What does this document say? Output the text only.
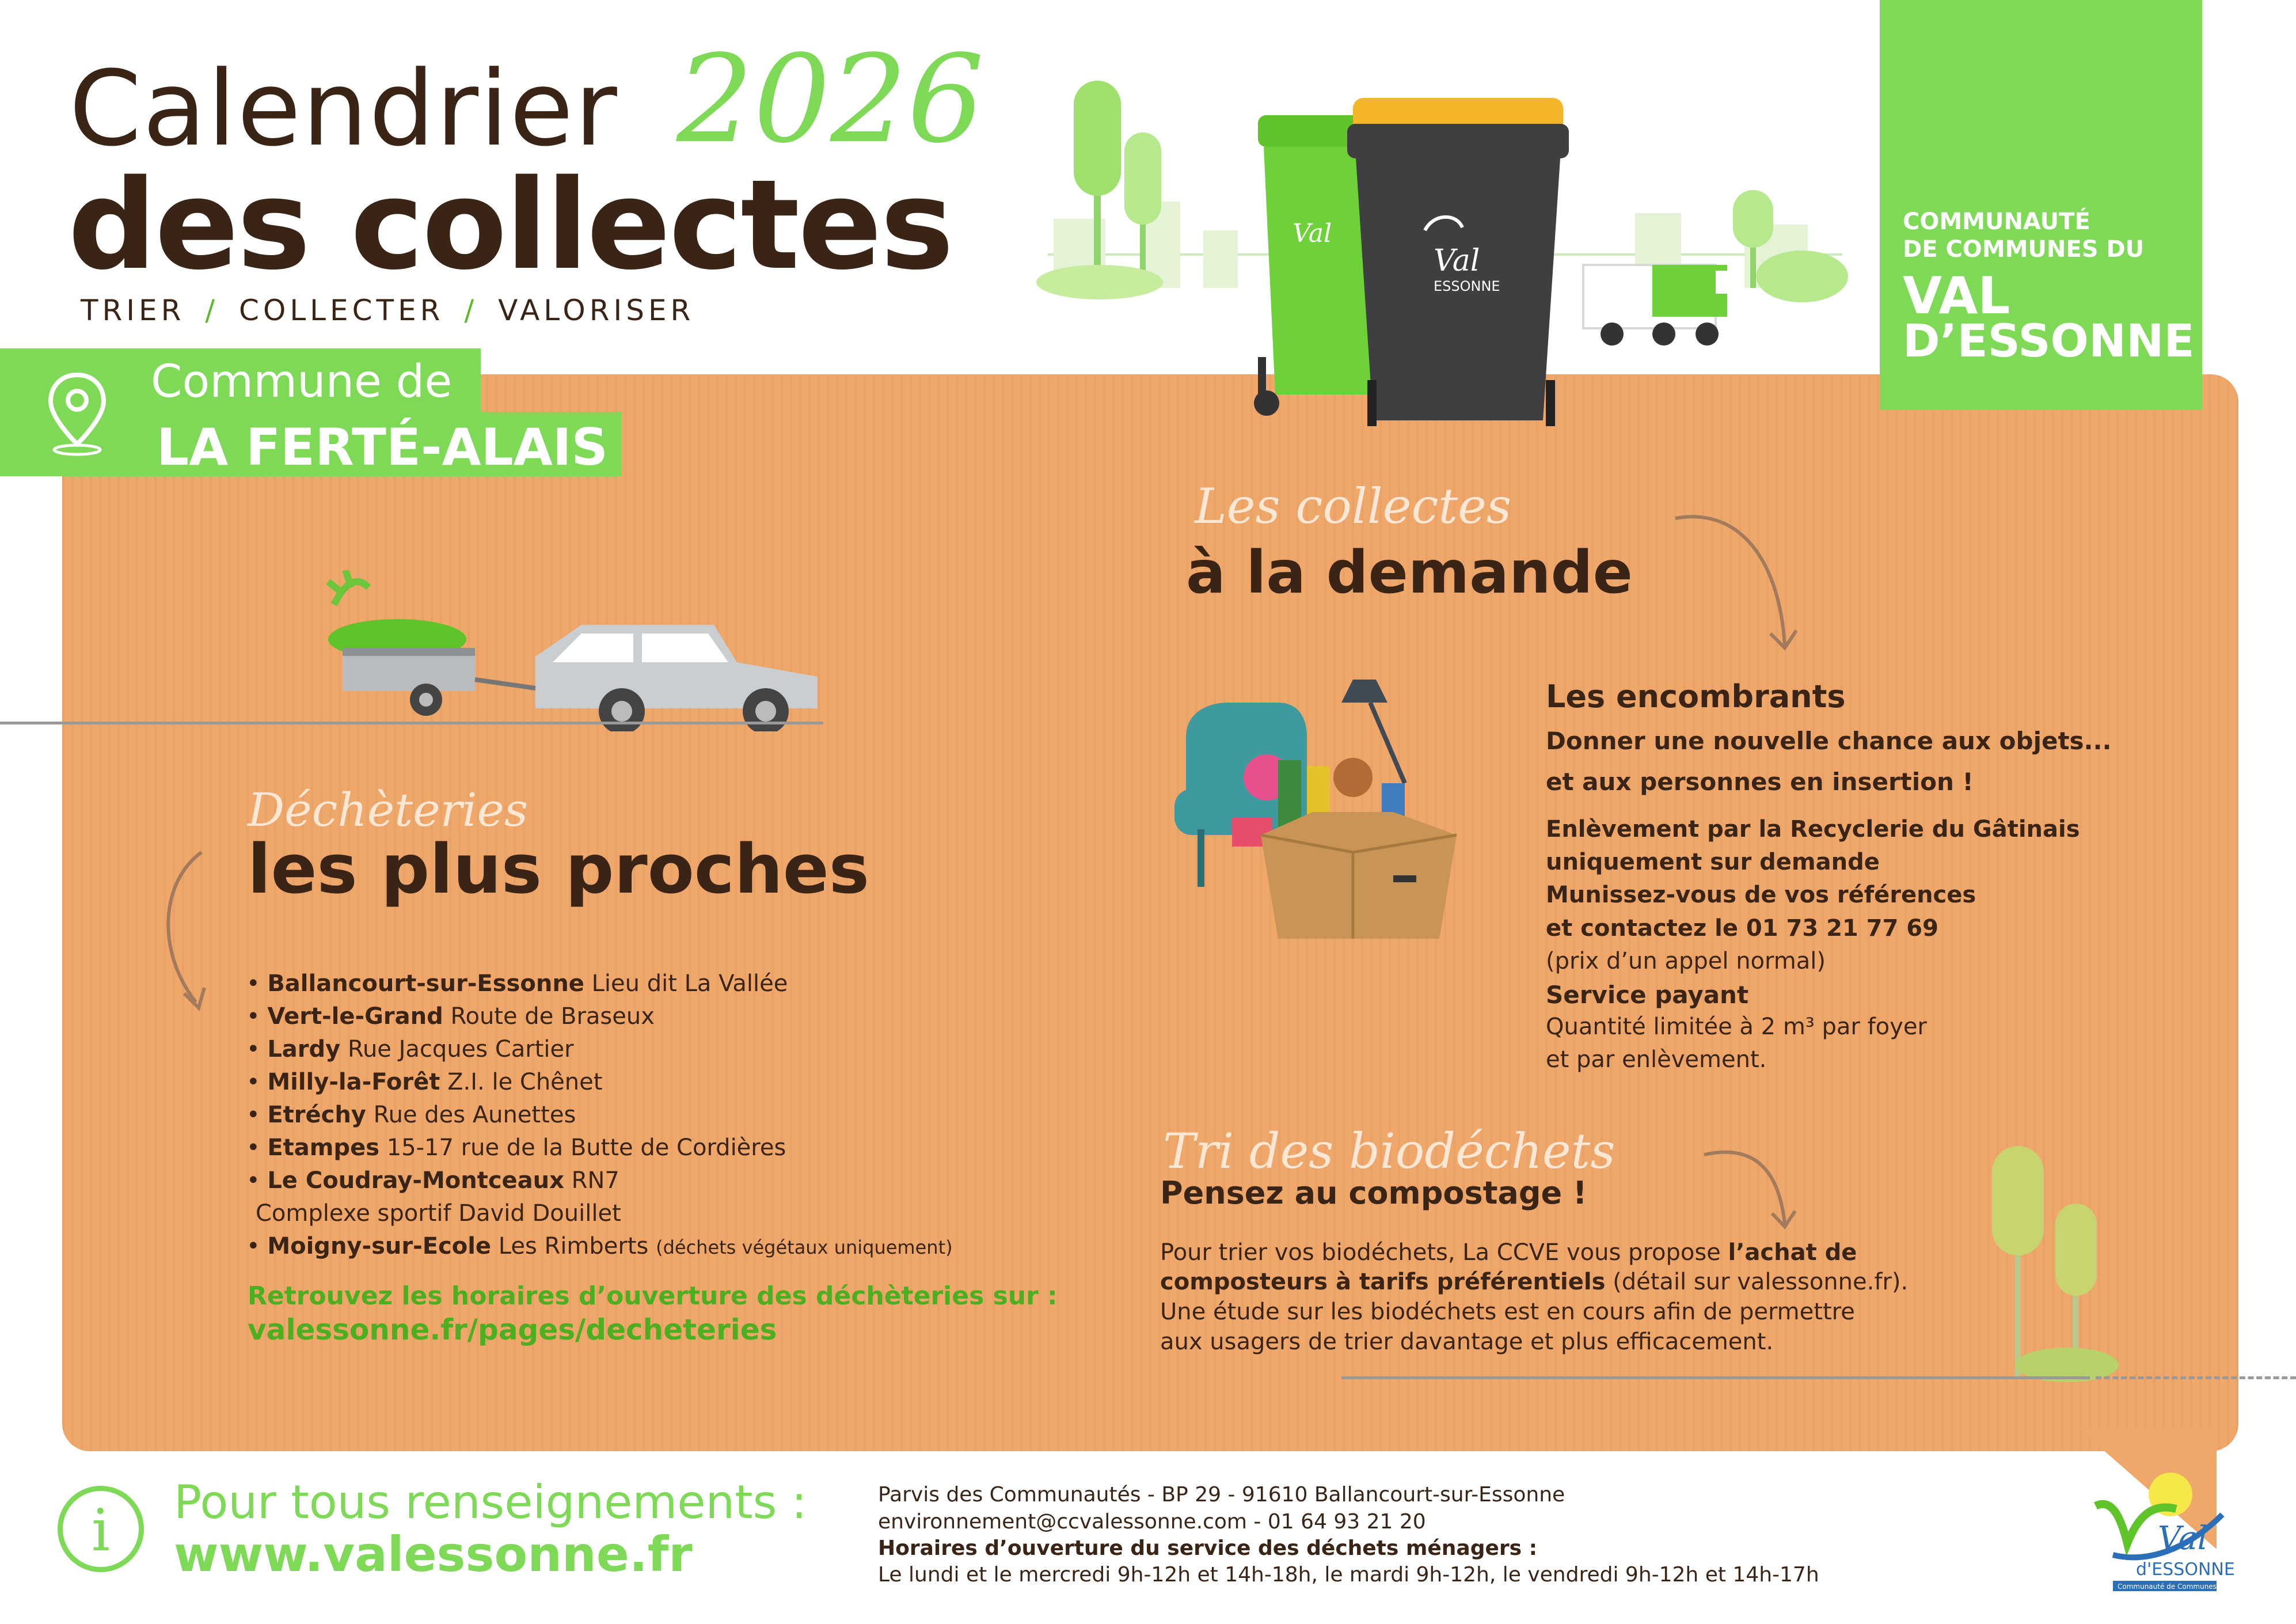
Calendrier 2026
des collectes
TRIER / COLLECTER / VALORISER
Commune de
LA FERTÉ-ALAIS
COMMUNAUTÉ
DE COMMUNES DU
VAL
D’ESSONNE
Val
Val
ESSONNE
Déchèteries
les plus proches
• Ballancourt-sur-Essonne Lieu dit La Vallée
• Vert-le-Grand Route de Braseux
• Lardy Rue Jacques Cartier
• Milly-la-Forêt Z.I. le Chênet
• Etréchy Rue des Aunettes
• Etampes 15-17 rue de la Butte de Cordières
• Le Coudray-Montceaux RN7
Complexe sportif David Douillet
• Moigny-sur-Ecole Les Rimberts (déchets végétaux uniquement)
Retrouvez les horaires d’ouverture des déchèteries sur :
valessonne.fr/pages/decheteries
Les collectes
à la demande
Les encombrants
Donner une nouvelle chance aux objets...
et aux personnes en insertion !
Enlèvement par la Recyclerie du Gâtinais
uniquement sur demande
Munissez-vous de vos références
et contactez le 01 73 21 77 69
(prix d’un appel normal)
Service payant
Quantité limitée à 2 m³ par foyer
et par enlèvement.
Tri des biodéchets
Pensez au compostage !
Pour trier vos biodéchets, La CCVE vous propose l’achat de
composteurs à tarifs préférentiels (détail sur valessonne.fr).
Une étude sur les biodéchets est en cours afin de permettre
aux usagers de trier davantage et plus efficacement.
i	Pour tous renseignements :
www.valessonne.fr
Parvis des Communautés - BP 29 - 91610 Ballancourt-sur-Essonne
environnement@ccvalessonne.com - 01 64 93 21 20
Horaires d’ouverture du service des déchets ménagers :
Le lundi et le mercredi 9h-12h et 14h-18h, le mardi 9h-12h, le vendredi 9h-12h et 14h-17h
Val
d'ESSONNE
Communauté de Communes
